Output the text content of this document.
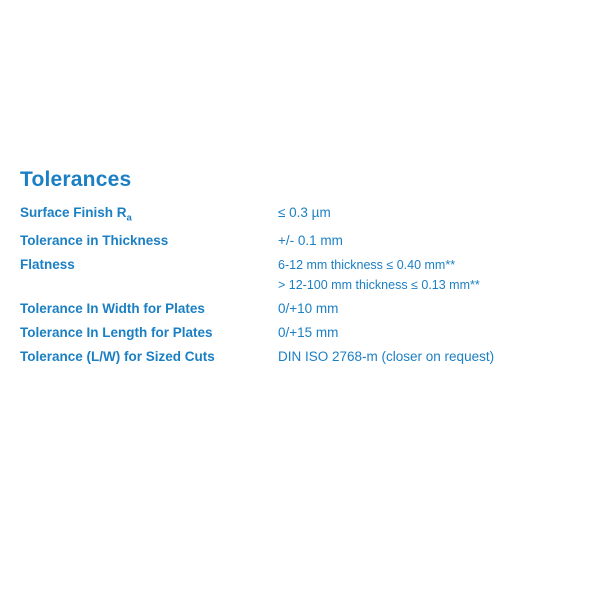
Tolerances
Surface Finish $R_a$	≤ 0.3 µm
Tolerance in Thickness	+/- 0.1 mm
Flatness	6-12 mm thickness ≤ 0.40 mm**
> 12-100 mm thickness ≤ 0.13 mm**
Tolerance In Width for Plates	0/+10 mm
Tolerance In Length for Plates	0/+15 mm
Tolerance (L/W) for Sized Cuts	DIN ISO 2768-m (closer on request)
